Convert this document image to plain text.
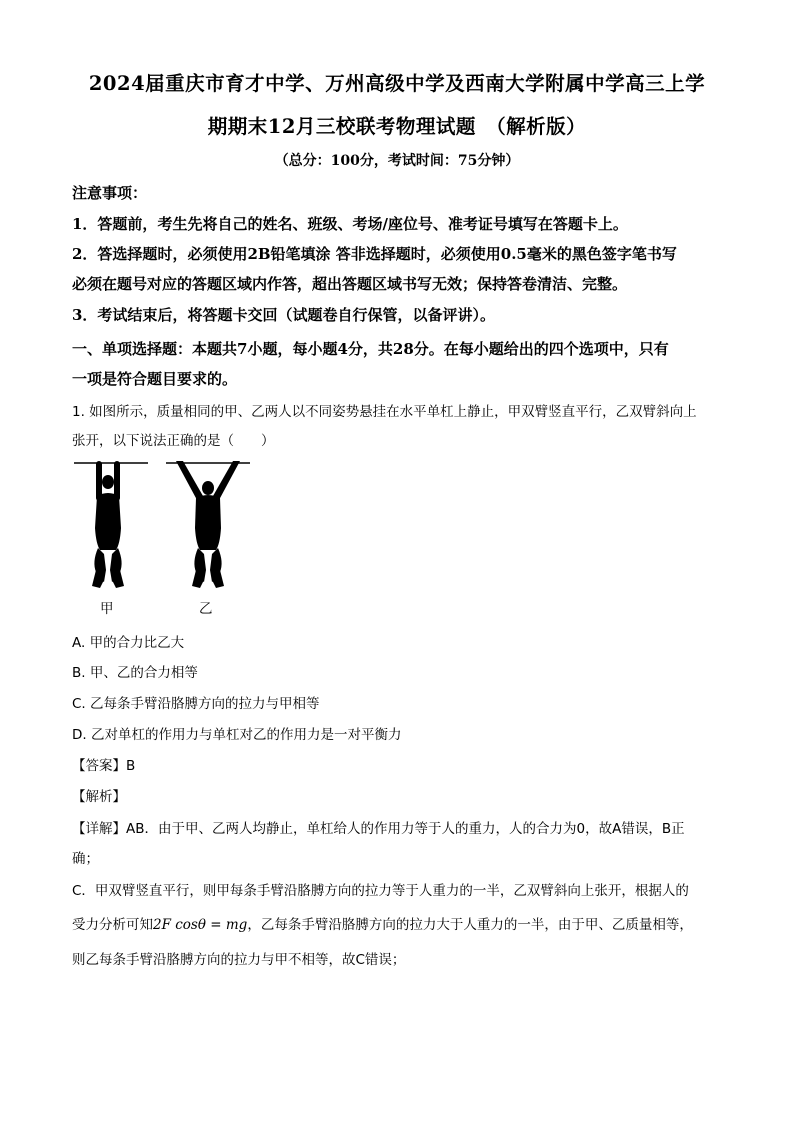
2024届重庆市育才中学、万州高级中学及西南大学附属中学高三上学
期期末12月三校联考物理试题　（解析版）
（总分：100分，考试时间：75分钟）
注意事项：
1．答题前，考生先将自己的姓名、班级、考场/座位号、准考证号填写在答题卡上。
2．答选择题时，必须使用2B铅笔填涂 答非选择题时，必须使用0.5毫米的黑色签字笔书写
必须在题号对应的答题区域内作答，超出答题区域书写无效；保持答卷清洁、完整。
3．考试结束后，将答题卡交回（试题卷自行保管，以备评讲）。
一、单项选择题：本题共7小题，每小题4分，共28分。在每小题给出的四个选项中，只有
一项是符合题目要求的。
1. 如图所示，质量相同的甲、乙两人以不同姿势悬挂在水平单杠上静止，甲双臂竖直平行，乙双臂斜向上
张开，以下说法正确的是（　　）
甲	乙
A. 甲的合力比乙大
B. 甲、乙的合力相等
C. 乙每条手臂沿胳膊方向的拉力与甲相等
D. 乙对单杠的作用力与单杠对乙的作用力是一对平衡力
【答案】B
【解析】
【详解】AB．由于甲、乙两人均静止，单杠给人的作用力等于人的重力，人的合力为0，故A错误，B正
确；
C．甲双臂竖直平行，则甲每条手臂沿胳膊方向的拉力等于人重力的一半，乙双臂斜向上张开，根据人的
受力分析可知2F cosθ = mg，乙每条手臂沿胳膊方向的拉力大于人重力的一半，由于甲、乙质量相等，
则乙每条手臂沿胳膊方向的拉力与甲不相等，故C错误；
